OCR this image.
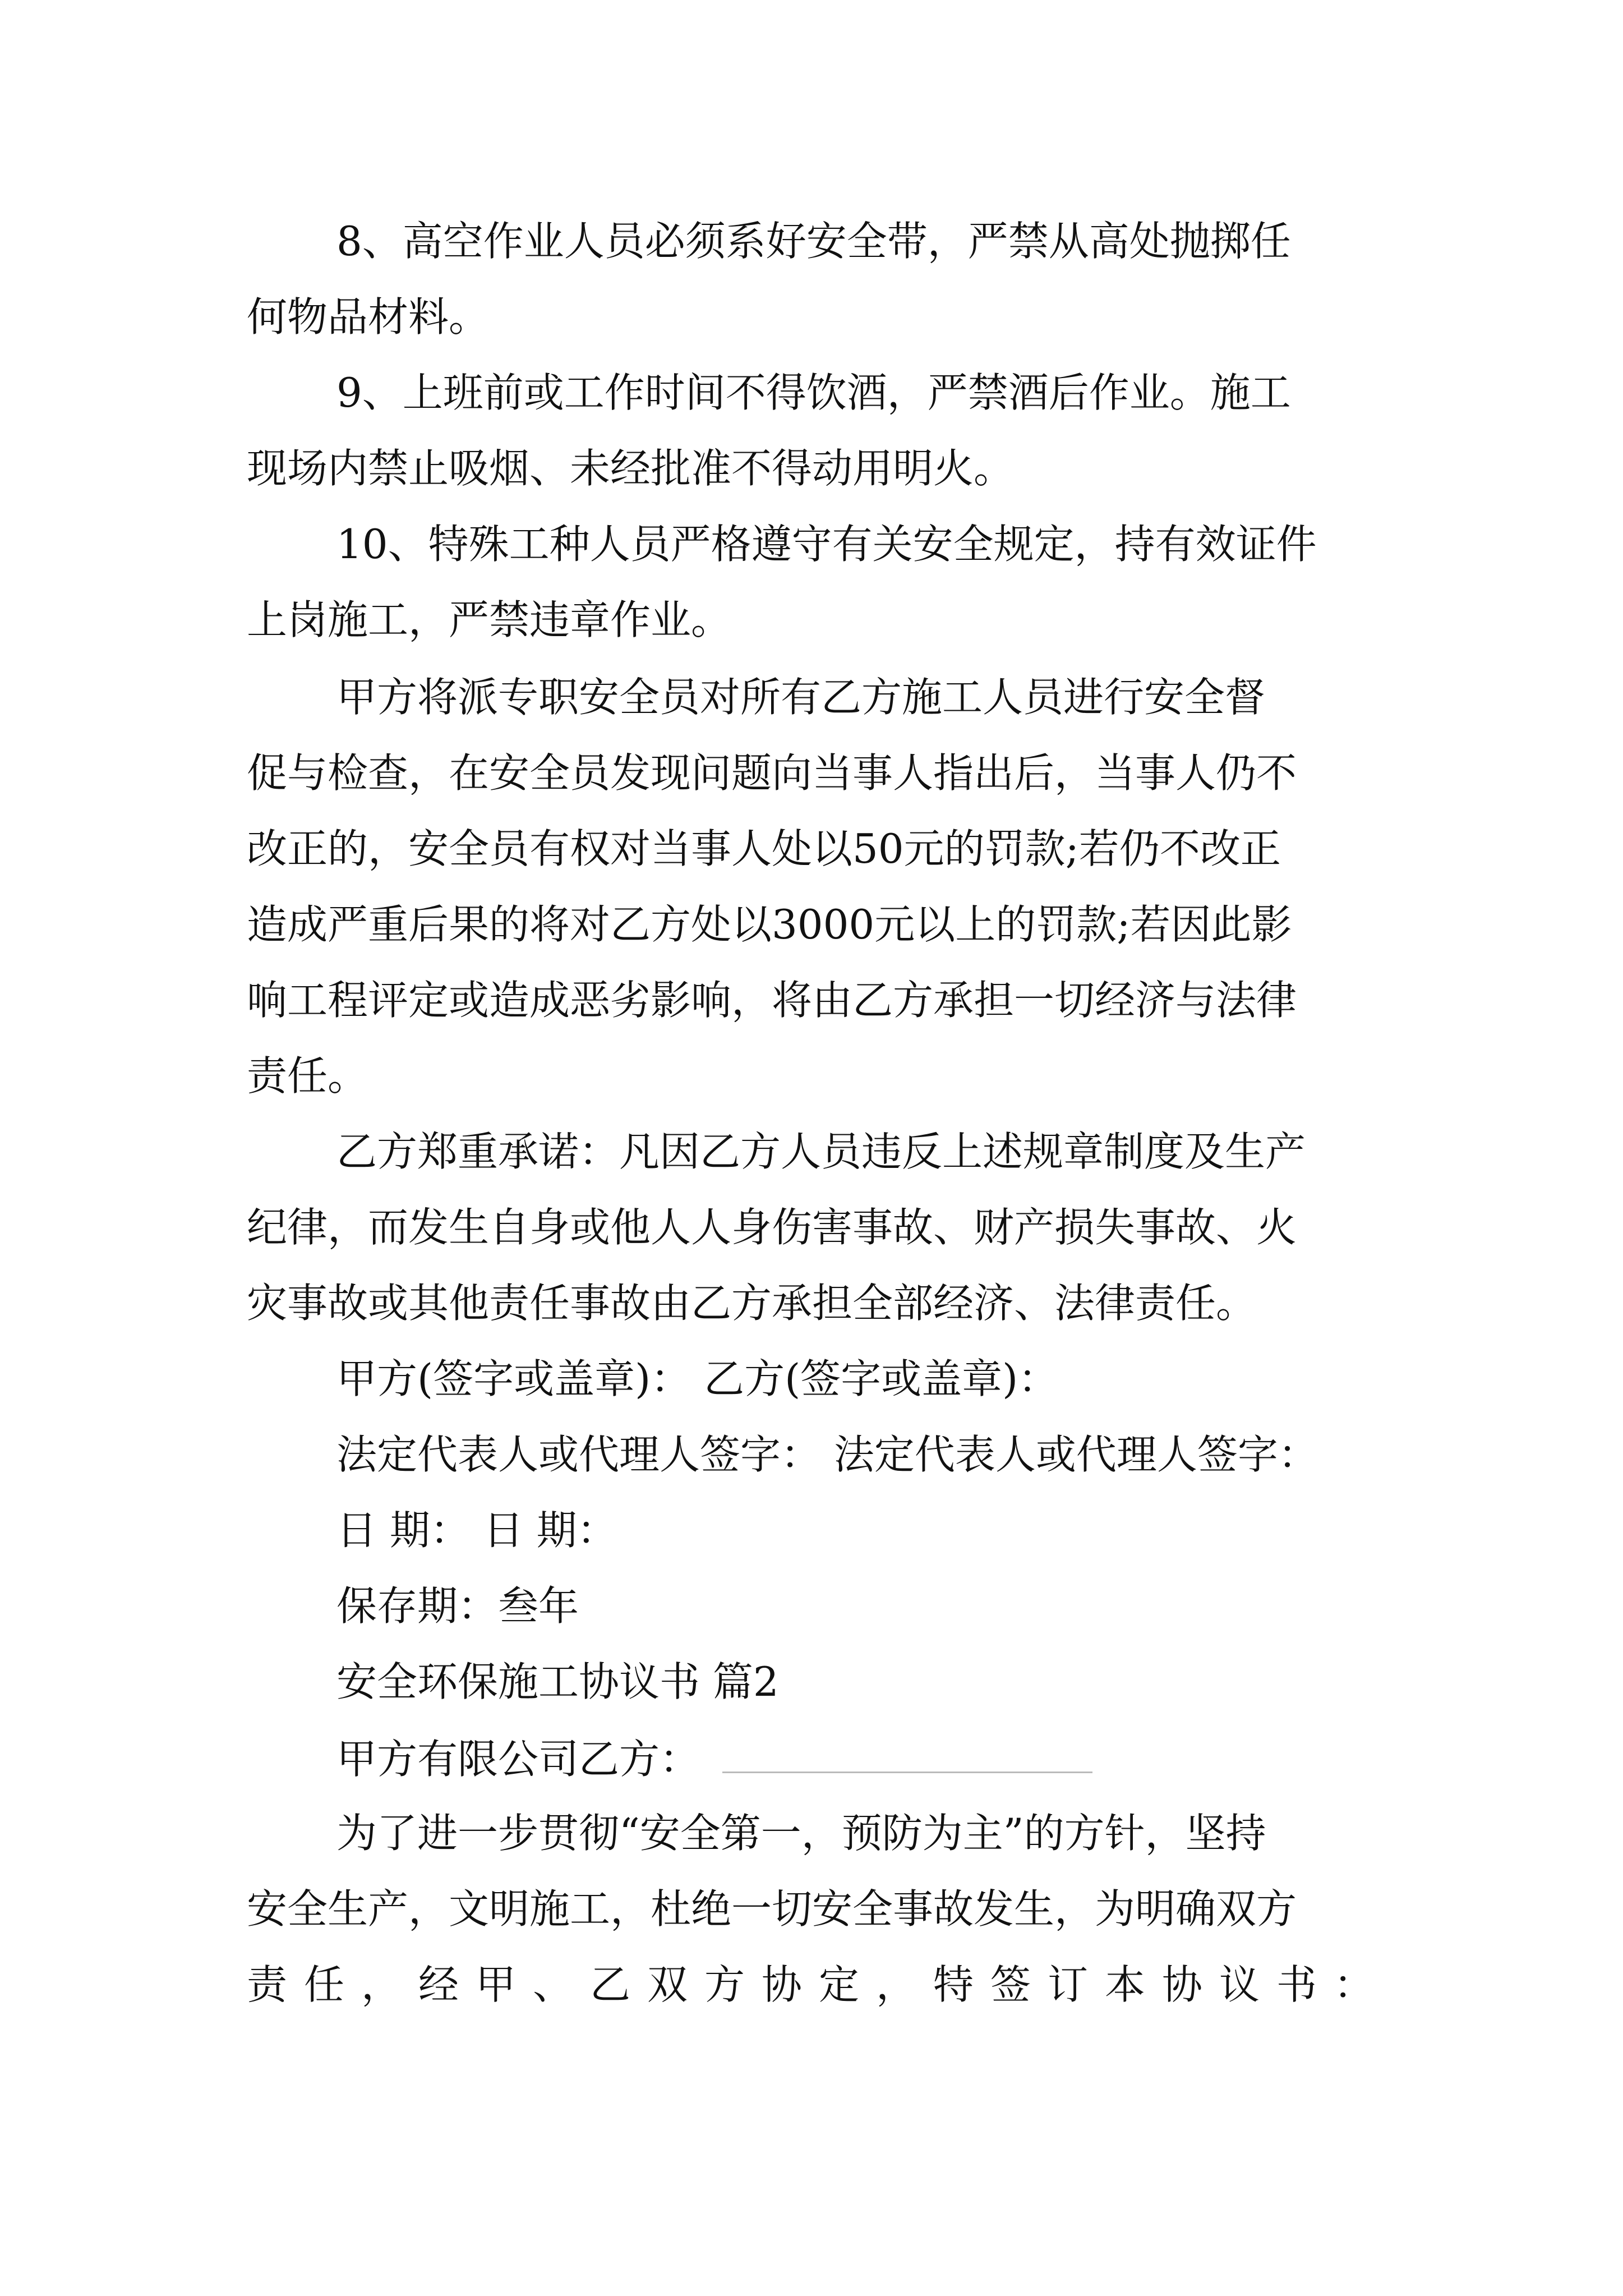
8、高空作业人员必须系好安全带，严禁从高处抛掷任
何物品材料。
9、上班前或工作时间不得饮酒，严禁酒后作业。施工
现场内禁止吸烟、未经批准不得动用明火。
10、特殊工种人员严格遵守有关安全规定，持有效证件
上岗施工，严禁违章作业。
甲方将派专职安全员对所有乙方施工人员进行安全督
促与检查，在安全员发现问题向当事人指出后，当事人仍不
改正的，安全员有权对当事人处以50元的罚款;若仍不改正
造成严重后果的将对乙方处以3000元以上的罚款;若因此影
响工程评定或造成恶劣影响，将由乙方承担一切经济与法律
责任。
乙方郑重承诺：凡因乙方人员违反上述规章制度及生产
纪律，而发生自身或他人人身伤害事故、财产损失事故、火
灾事故或其他责任事故由乙方承担全部经济、法律责任。
甲方(签字或盖章)： 乙方(签字或盖章)：
法定代表人或代理人签字： 法定代表人或代理人签字：
日 期： 日 期：
保存期：叁年
安全环保施工协议书 篇2
甲方有限公司乙方：
为了进一步贯彻“安全第一，预防为主”的方针，坚持
安全生产，文明施工，杜绝一切安全事故发生，为明确双方
责任，经甲、乙双方协定，特签订本协议书：
